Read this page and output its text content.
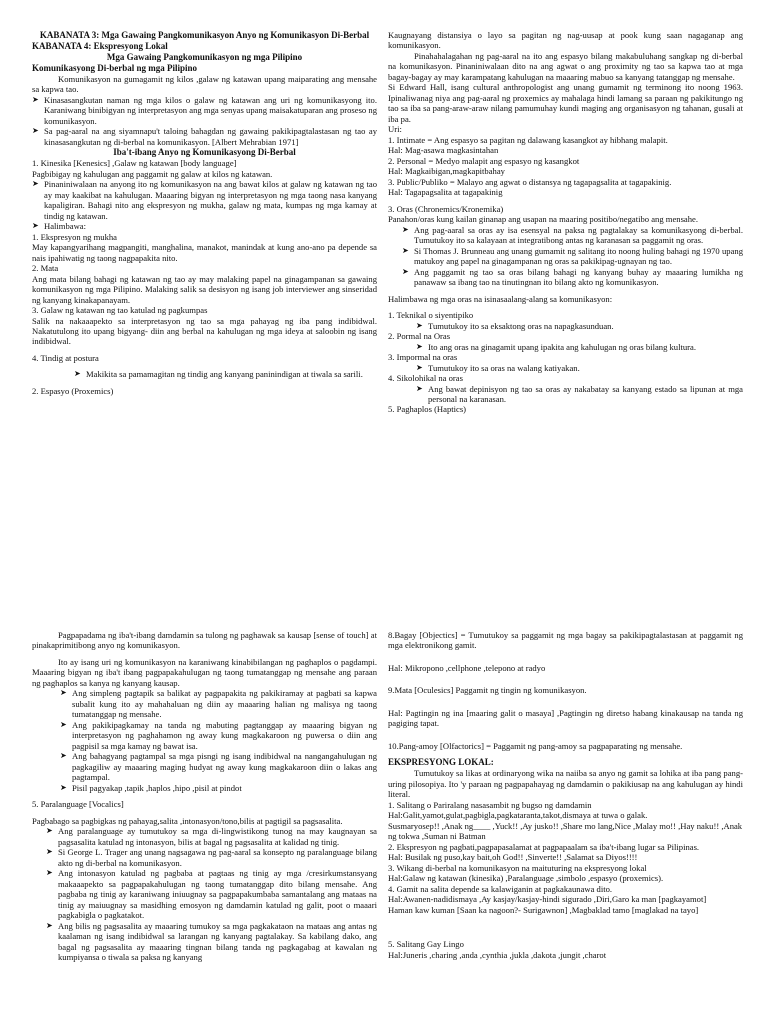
KABANATA 3: Mga Gawaing Pangkomunikasyon Anyo ng Komunikasyon Di-Berbal

KABANATA 4: Ekspresyong Lokal

Mga Gawaing Pangkomunikasyon ng mga Pilipino

Komunikasyong Di-berbal ng mga Pilipino

Komunikasyon na gumagamit ng kilos ,galaw ng katawan upang maiparating ang mensahe sa kapwa tao.

➤ Kinasasangkutan naman ng mga kilos o galaw ng katawan ang uri ng komunikasyong ito. Karaniwang binibigyan ng interpretasyon ang mga senyas upang maisakatuparan ang proseso ng komunikasyon.
➤ Sa pag-aaral na ang siyamnapu't taloing bahagdan ng gawaing pakikipagtalastasan ng tao ay kinasasangkutan ng di-berbal na komunikasyon. [Albert Mehrabian 1971]

Iba't-ibang Anyo ng Komunikasyong Di-Berbal

1. Kinesika [Kenesics] ,Galaw ng katawan [body language]

Pagbibigay ng kahulugan ang paggamit ng galaw at kilos ng katawan.

➤ Pinaniniwalaan na anyong ito ng komunikasyon na ang bawat kilos at galaw ng katawan ng tao ay may kaakibat na kahulugan. Maaaring bigyan ng interpretasyon ng mga taong nasa kanyang kapaligiran. Bahagi nito ang ekspresyon ng mukha, galaw ng mata, kumpas ng mga kamay at tindig ng katawan.
➤ Halimbawa:

1. Ekspresyon ng mukha

May kapangyarihang magpangiti, manghalina, manakot, manindak at kung ano-ano pa depende sa nais ipahiwatig ng taong nagpapakita nito.

2. Mata

Ang mata bilang bahagi ng katawan ng tao ay may malaking papel na ginagampanan sa gawaing komunikasyon ng mga Pilipino. Malaking salik sa desisyon ng isang job interviewer ang sinseridad ng kanyang kinakapanayam.

3. Galaw ng katawan ng tao katulad ng pagkumpas

Salik na nakaaapekto sa interpretasyon ng tao sa mga pahayag ng iba pang indibidwal. Nakatutulong ito upang bigyang- diin ang berbal na kahulugan ng mga ideya at saloobin ng isang indibidwal.

4. Tindig at postura

➤ Makikita sa pamamagitan ng tindig ang kanyang paninindigan at tiwala sa sarili.

2. Espasyo (Proxemics)

Kaugnayang distansiya o layo sa pagitan ng nag-uusap at pook kung saan nagaganap ang komunikasyon.

Pinahahalagahan ng pag-aaral na ito ang espasyo bilang makabuluhang sangkap ng di-berbal na komunikasyon. Pinaniniwalaan dito na ang agwat o ang proximity ng tao sa kapwa tao at mga bagay-bagay ay may karampatang kahulugan na maaaring mabuo sa kanyang tatanggap ng mensahe.

Si Edward Hall, isang cultural anthropologist ang unang gumamit ng terminong ito noong 1963. Ipinaliwanag niya ang pag-aaral ng proxemics ay mahalaga hindi lamang sa paraan ng pakikitungo ng tao sa iba sa pang-araw-araw nilang pamumuhay kundi maging ang organisasyon ng tahanan, gusali at iba pa.

Uri:

1. Intimate = Ang espasyo sa pagitan ng dalawang kasangkot ay hibhang malapit.

Hal: Mag-asawa magkasintahan

2. Personal = Medyo malapit ang espasyo ng kasangkot

Hal: Magkaibigan,magkapitbahay

3. Public/Publiko = Malayo ang agwat o distansya ng tagapagsalita at tagapakinig.

Hal: Tagapagsalita at tagapakinig

3. Oras (Chronemics/Kronemika)

Panahon/oras kung kailan ginanap ang usapan na maaring positibo/negatibo ang mensahe.

➤ Ang pag-aaral sa oras ay isa esensyal na paksa ng pagtalakay sa komunikasyong di-berbal. Tumutukoy ito sa kalayaan at integratibong antas ng karanasan sa paggamit ng oras.
➤ Si Thomas J. Brunneau ang unang gumamit ng salitang ito noong huling bahagi ng 1970 upang matukoy ang papel na ginagampanan ng oras sa pakikipag-ugnayan ng tao.
➤ Ang paggamit ng tao sa oras bilang bahagi ng kanyang buhay ay maaaring lumikha ng panawaw sa ibang tao na tinutingnan ito bilang akto ng komunikasyon.

Halimbawa ng mga oras na isinasaalang-alang sa komunikasyon:

1. Teknikal o siyentipiko

➤ Tumutukoy ito sa eksaktong oras na napagkasunduan.

2. Pormal na Oras

➤ Ito ang oras na ginagamit upang ipakita ang kahulugan ng oras bilang kultura.

3. Impormal na oras

➤ Tumutukoy ito sa oras na walang katiyakan.

4. Sikolohikal na oras

➤ Ang bawat depinisyon ng tao sa oras ay nakabatay sa kanyang estado sa lipunan at mga personal na karanasan.

5. Paghaplos (Haptics)

Pagpapadama ng iba't-ibang damdamin sa tulong ng paghawak sa kausap [sense of touch] at pinakaprimitibong anyo ng komunikasyon.

Ito ay isang uri ng komunikasyon na karaniwang kinabibilangan ng paghaplos o pagdampi. Maaaring bigyan ng iba't ibang pagpapakahulugan ng taong tumatanggap ng mensahe ang paraan ng paghaplos sa kanya ng kanyang kausap.

➤ Ang simpleng pagtapik sa balikat ay pagpapakita ng pakikiramay at pagbati sa kapwa subalit kung ito ay mahahaluan ng diin ay maaaring halian ng malisya ng taong tumatanggap ng mensahe.
➤ Ang pakikipagkamay na tanda ng mabuting pagtanggap ay maaaring bigyan ng interpretasyon ng paghahamon ng away kung magkakaroon ng puwersa o diin ang pagpisil sa mga kamay ng bawat isa.
➤ Ang bahagyang pagtampal sa mga pisngi ng isang indibidwal na nangangahulugan ng pagkagiliw ay maaaring maging hudyat ng away kung magkakaroon diin o lakas ang pagtampal.
➤ Pisil pagyakap ,tapik ,haplos ,hipo ,pisil at pindot

5. Paralanguage [Vocalics]

Pagbabago sa pagbigkas ng pahayag,salita ,intonasyon/tono,bilis at pagtigil sa pagsasalita.

➤ Ang paralanguage ay tumutukoy sa mga di-lingwistikong tunog na may kaugnayan sa pagsasalita katulad ng intonasyon, bilis at bagal ng pagsasalita at kalidad ng tinig.
➤ Si George L. Trager ang unang nagsagawa ng pag-aaral sa konsepto ng paralanguage bilang akto ng di-berbal na komunikasyon.
➤ Ang intonasyon katulad ng pagbaba at pagtaas ng tinig ay mga /cresirkumstansyang makaaapekto sa pagpapakahulugan ng taong tumatanggap dito bilang mensahe. Ang pagbaba ng tinig ay karaniwang iniuugnay sa pagpapakumbaba samantalang ang mataas na tinig ay maiuugnay sa masidhing emosyon ng damdamin katulad ng galit, poot o maaari pagkabigla o pagkatakot.
➤ Ang bilis ng pagsasalita ay maaaring tumukoy sa mga pagkakataon na mataas ang antas ng kaalaman ng isang indibidwal sa larangan ng kanyang pagtalakay. Sa kabilang dako, ang bagal ng pagsasalita ay maaaring tingnan bilang tanda ng pagkagabag at kawalan ng kumpiyansa o tiwala sa paksa ng kanyang

8.Bagay [Objectics] = Tumutukoy sa paggamit ng mga bagay sa pakikipagtalastasan at paggamit ng mga elektronikong gamit.

Hal: Mikropono ,cellphone ,telepono at radyo

9.Mata [Oculesics] Paggamit ng tingin ng komunikasyon.

Hal: Pagtingin ng ina [maaring galit o masaya] ,Pagtingin ng diretso habang kinakausap na tanda ng pagiging tapat.

10.Pang-amoy [Olfactorics] = Paggamit ng pang-amoy sa pagpaparating ng mensahe.

EKSPRESYONG LOKAL:

Tumutukoy sa likas at ordinaryong wika na naiiba sa anyo ng gamit sa lohika at iba pang pang-uring pilosopiya. Ito 'y paraan ng pagpapahayag ng damdamin o pakikiusap na ang kahulugan ay hindi literal.

1. Salitang o Pariralang nasasambit ng bugso ng damdamin

Hal:Galit,yamot,gulat,pagbigla,pagkataranta,takot,dismaya at tuwa o galak.

Susmaryosep!! ,Anak ng____ ,Yuck!! ,Ay jusko!! ,Share mo lang,Nice ,Malay mo!! ,Hay naku!! ,Anak ng tokwa ,Suman ni Batman

2. Ekspresyon ng pagbati,pagpapasalamat at pagpapaalam sa iba't-ibang lugar sa Pilipinas.

Hal: Busilak ng puso,kay bait,oh God!! ,Sinverte!! ,Salamat sa Diyos!!!!

3. Wikang di-berbal na komunikasyon na maituturing na ekspresyong lokal

Hal:Galaw ng katawan (kinesika) ,Paralanguage ,simbolo ,espasyo (proxemics).

4. Gamit na salita depende sa kalawiganin at pagkakaunawa dito.

Hal:Awanen-nadidismaya ,Ay kasjay/kasjay-hindi sigurado ,Diri,Garo ka man [pagkayamot]

Haman kaw kuman [Saan ka nagoon?- Surigawnon] ,Magbaklad tamo [maglakad na tayo]

5. Salitang Gay Lingo

Hal:Juneris ,charing ,anda ,cynthia ,jukla ,dakota ,jungit ,charot
